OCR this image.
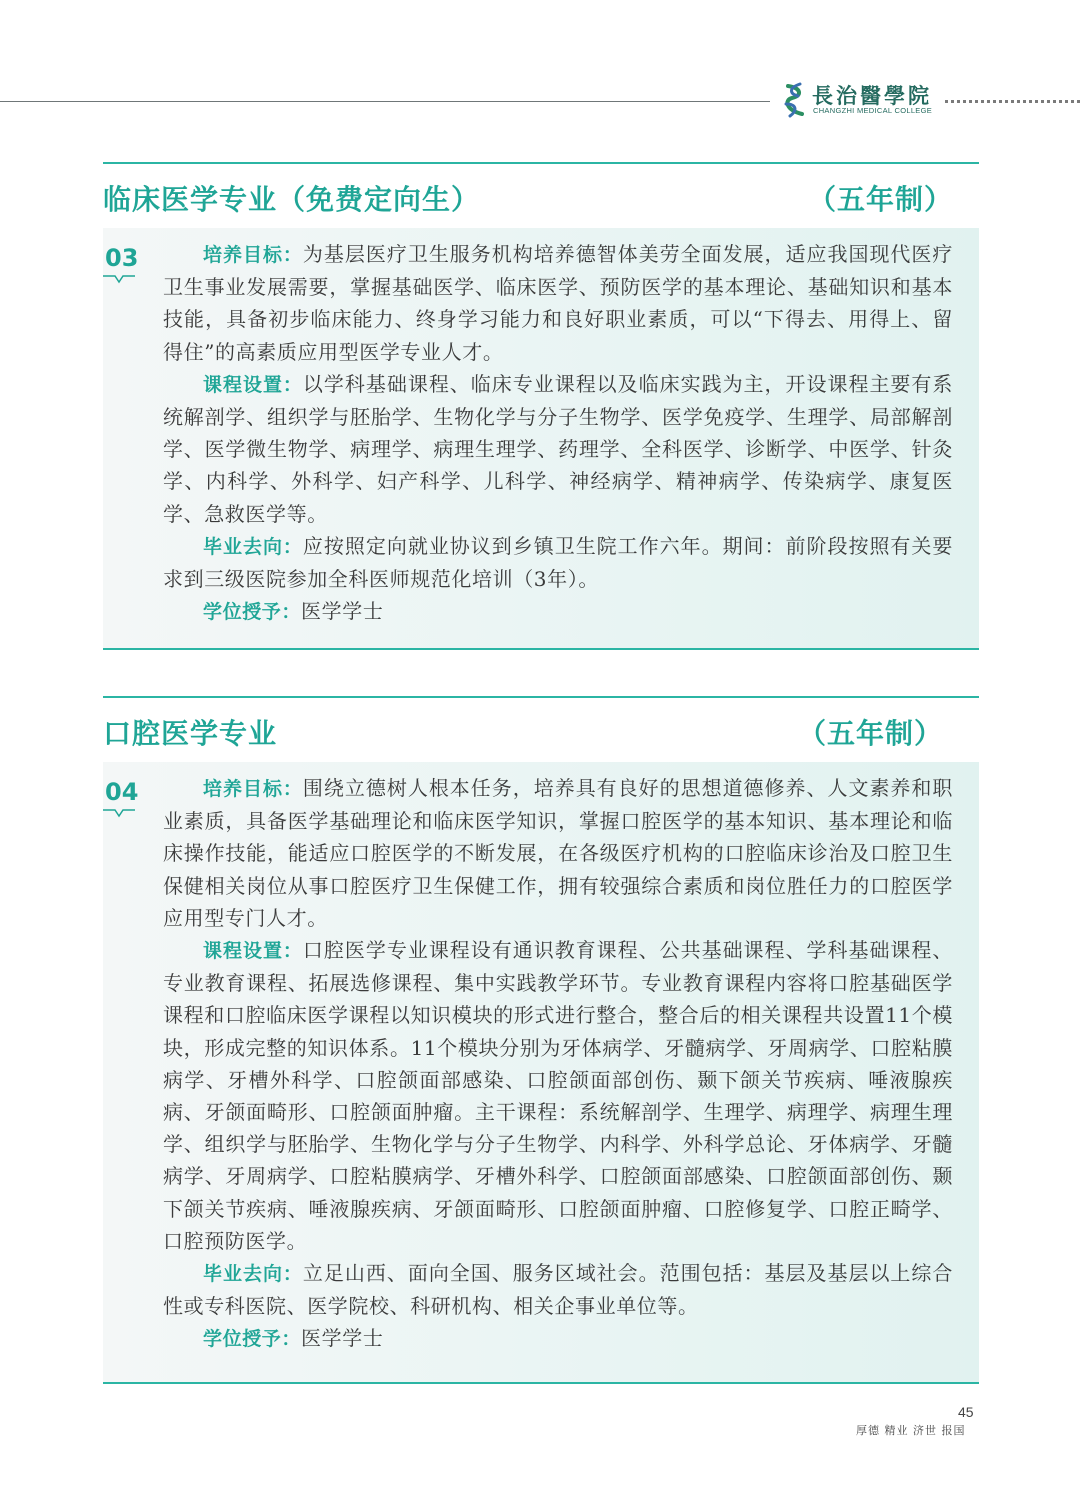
長治醫學院
CHANGZHI MEDICAL COLLEGE
临床医学专业（免费定向生）	（五年制）
03	培养目标：为基层医疗卫生服务机构培养德智体美劳全面发展，适应我国现代医疗卫生事业发展需要，掌握基础医学、临床医学、预防医学的基本理论、基础知识和基本技能，具备初步临床能力、终身学习能力和良好职业素质，可以“下得去、用得上、留得住”的高素质应用型医学专业人才。

课程设置：以学科基础课程、临床专业课程以及临床实践为主，开设课程主要有系统解剖学、组织学与胚胎学、生物化学与分子生物学、医学免疫学、生理学、局部解剖学、医学微生物学、病理学、病理生理学、药理学、全科医学、诊断学、中医学、针灸学、内科学、外科学、妇产科学、儿科学、神经病学、精神病学、传染病学、康复医学、急救医学等。

毕业去向：应按照定向就业协议到乡镇卫生院工作六年。期间：前阶段按照有关要求到三级医院参加全科医师规范化培训（3年）。

学位授予：医学学士

口腔医学专业	（五年制）
04	培养目标：围绕立德树人根本任务，培养具有良好的思想道德修养、人文素养和职业素质，具备医学基础理论和临床医学知识，掌握口腔医学的基本知识、基本理论和临床操作技能，能适应口腔医学的不断发展，在各级医疗机构的口腔临床诊治及口腔卫生保健相关岗位从事口腔医疗卫生保健工作，拥有较强综合素质和岗位胜任力的口腔医学应用型专门人才。

课程设置：口腔医学专业课程设有通识教育课程、公共基础课程、学科基础课程、专业教育课程、拓展选修课程、集中实践教学环节。专业教育课程内容将口腔基础医学课程和口腔临床医学课程以知识模块的形式进行整合，整合后的相关课程共设置11个模块，形成完整的知识体系。11个模块分别为牙体病学、牙髓病学、牙周病学、口腔粘膜病学、牙槽外科学、口腔颌面部感染、口腔颌面部创伤、颞下颌关节疾病、唾液腺疾病、牙颌面畸形、口腔颌面肿瘤。主干课程：系统解剖学、生理学、病理学、病理生理学、组织学与胚胎学、生物化学与分子生物学、内科学、外科学总论、牙体病学、牙髓病学、牙周病学、口腔粘膜病学、牙槽外科学、口腔颌面部感染、口腔颌面部创伤、颞下颌关节疾病、唾液腺疾病、牙颌面畸形、口腔颌面肿瘤、口腔修复学、口腔正畸学、口腔预防医学。

毕业去向：立足山西、面向全国、服务区域社会。范围包括：基层及基层以上综合性或专科医院、医学院校、科研机构、相关企事业单位等。

学位授予：医学学士

45
厚德 精业 济世 报国
